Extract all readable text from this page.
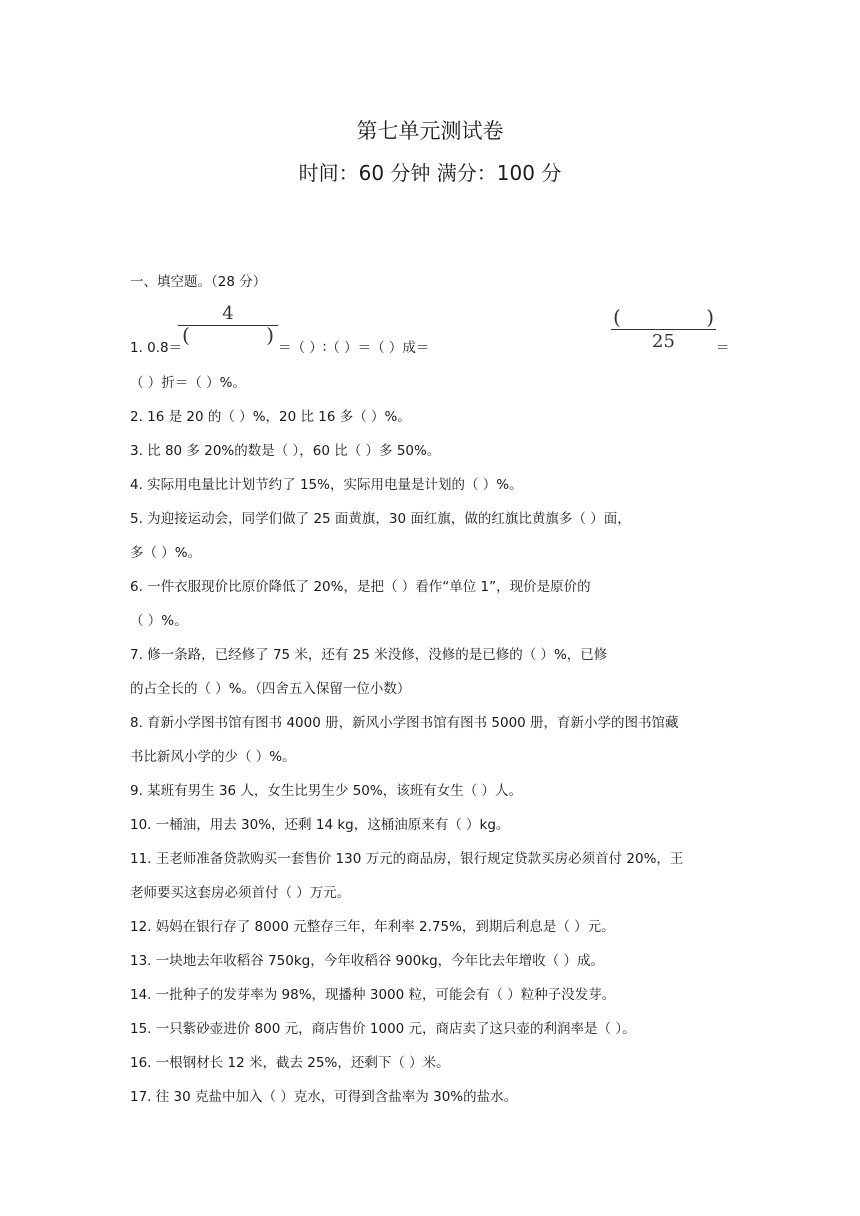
第七单元测试卷
时间：60 分钟 满分：100 分
一、填空题。（28 分）
1. 0.8＝
4
(	)
＝（ ）∶（ ）＝（ ）成＝
(	)
25	＝
（ ）折＝（ ）%。
2. 16 是 20 的（ ）%，20 比 16 多（ ）%。
3. 比 80 多 20%的数是（ ），60 比（ ）多 50%。
4. 实际用电量比计划节约了 15%，实际用电量是计划的（ ）%。
5. 为迎接运动会，同学们做了 25 面黄旗，30 面红旗，做的红旗比黄旗多（ ）面，
多（ ）%。
6. 一件衣服现价比原价降低了 20%，是把（ ）看作“单位 1”，现价是原价的
（ ）%。
7. 修一条路，已经修了 75 米，还有 25 米没修，没修的是已修的（ ）%，已修
的占全长的（ ）%。（四舍五入保留一位小数）
8. 育新小学图书馆有图书 4000 册，新风小学图书馆有图书 5000 册，育新小学的图书馆藏
书比新风小学的少（ ）%。
9. 某班有男生 36 人，女生比男生少 50%，该班有女生（ ）人。
10. 一桶油，用去 30%，还剩 14 kg，这桶油原来有（ ）kg。
11. 王老师准备贷款购买一套售价 130 万元的商品房，银行规定贷款买房必须首付 20%，王
老师要买这套房必须首付（ ）万元。
12. 妈妈在银行存了 8000 元整存三年，年利率 2.75%，到期后利息是（ ）元。
13. 一块地去年收稻谷 750kg，今年收稻谷 900kg，今年比去年增收（ ）成。
14. 一批种子的发芽率为 98%，现播种 3000 粒，可能会有（ ）粒种子没发芽。
15. 一只紫砂壶进价 800 元，商店售价 1000 元，商店卖了这只壶的利润率是（ ）。
16. 一根钢材长 12 米，截去 25%，还剩下（ ）米。
17. 往 30 克盐中加入（ ）克水，可得到含盐率为 30%的盐水。
